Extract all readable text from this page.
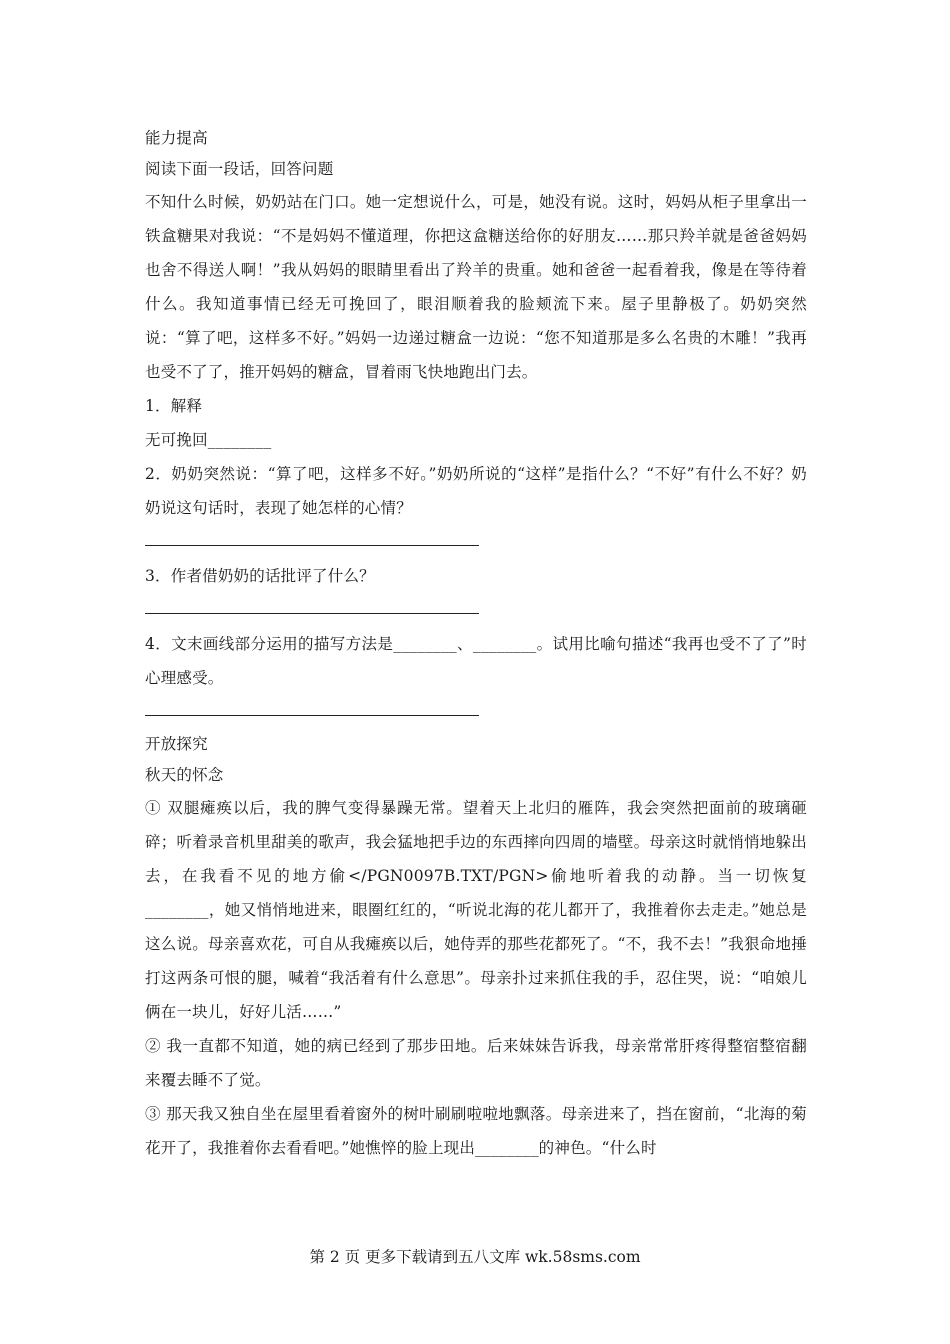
能力提高

阅读下面一段话，回答问题

不知什么时候，奶奶站在门口。她一定想说什么，可是，她没有说。这时，妈妈从柜子里拿出一铁盒糖果对我说：“不是妈妈不懂道理，你把这盒糖送给你的好朋友……那只羚羊就是爸爸妈妈也舍不得送人啊！”我从妈妈的眼睛里看出了羚羊的贵重。她和爸爸一起看着我，像是在等待着什么。我知道事情已经无可挽回了，眼泪顺着我的脸颊流下来。屋子里静极了。奶奶突然说：“算了吧，这样多不好。”妈妈一边递过糖盒一边说：“您不知道那是多么名贵的木雕！”我再也受不了了，推开妈妈的糖盒，冒着雨飞快地跑出门去。

1．解释

无可挽回________

2．奶奶突然说：“算了吧，这样多不好。”奶奶所说的“这样”是指什么？“不好”有什么不好？奶奶说这句话时，表现了她怎样的心情？

3．作者借奶奶的话批评了什么？

4．文末画线部分运用的描写方法是________、________。试用比喻句描述“我再也受不了了”时心理感受。

开放探究

秋天的怀念

① 双腿瘫痪以后，我的脾气变得暴躁无常。望着天上北归的雁阵，我会突然把面前的玻璃砸碎；听着录音机里甜美的歌声，我会猛地把手边的东西摔向四周的墙壁。母亲这时就悄悄地躲出去，在我看不见的地方偷</PGN0097B.TXT/PGN>偷地听着我的动静。当一切恢复________，她又悄悄地进来，眼圈红红的，“听说北海的花儿都开了，我推着你去走走。”她总是这么说。母亲喜欢花，可自从我瘫痪以后，她侍弄的那些花都死了。“不，我不去！”我狠命地捶打这两条可恨的腿，喊着“我活着有什么意思”。母亲扑过来抓住我的手，忍住哭，说：“咱娘儿俩在一块儿，好好儿活……”

② 我一直都不知道，她的病已经到了那步田地。后来妹妹告诉我，母亲常常肝疼得整宿整宿翻来覆去睡不了觉。

③ 那天我又独自坐在屋里看着窗外的树叶刷刷啦啦地飘落。母亲进来了，挡在窗前，“北海的菊花开了，我推着你去看看吧。”她憔悴的脸上现出________的神色。“什么时

第 2 页 更多下载请到五八文库 wk.58sms.com
